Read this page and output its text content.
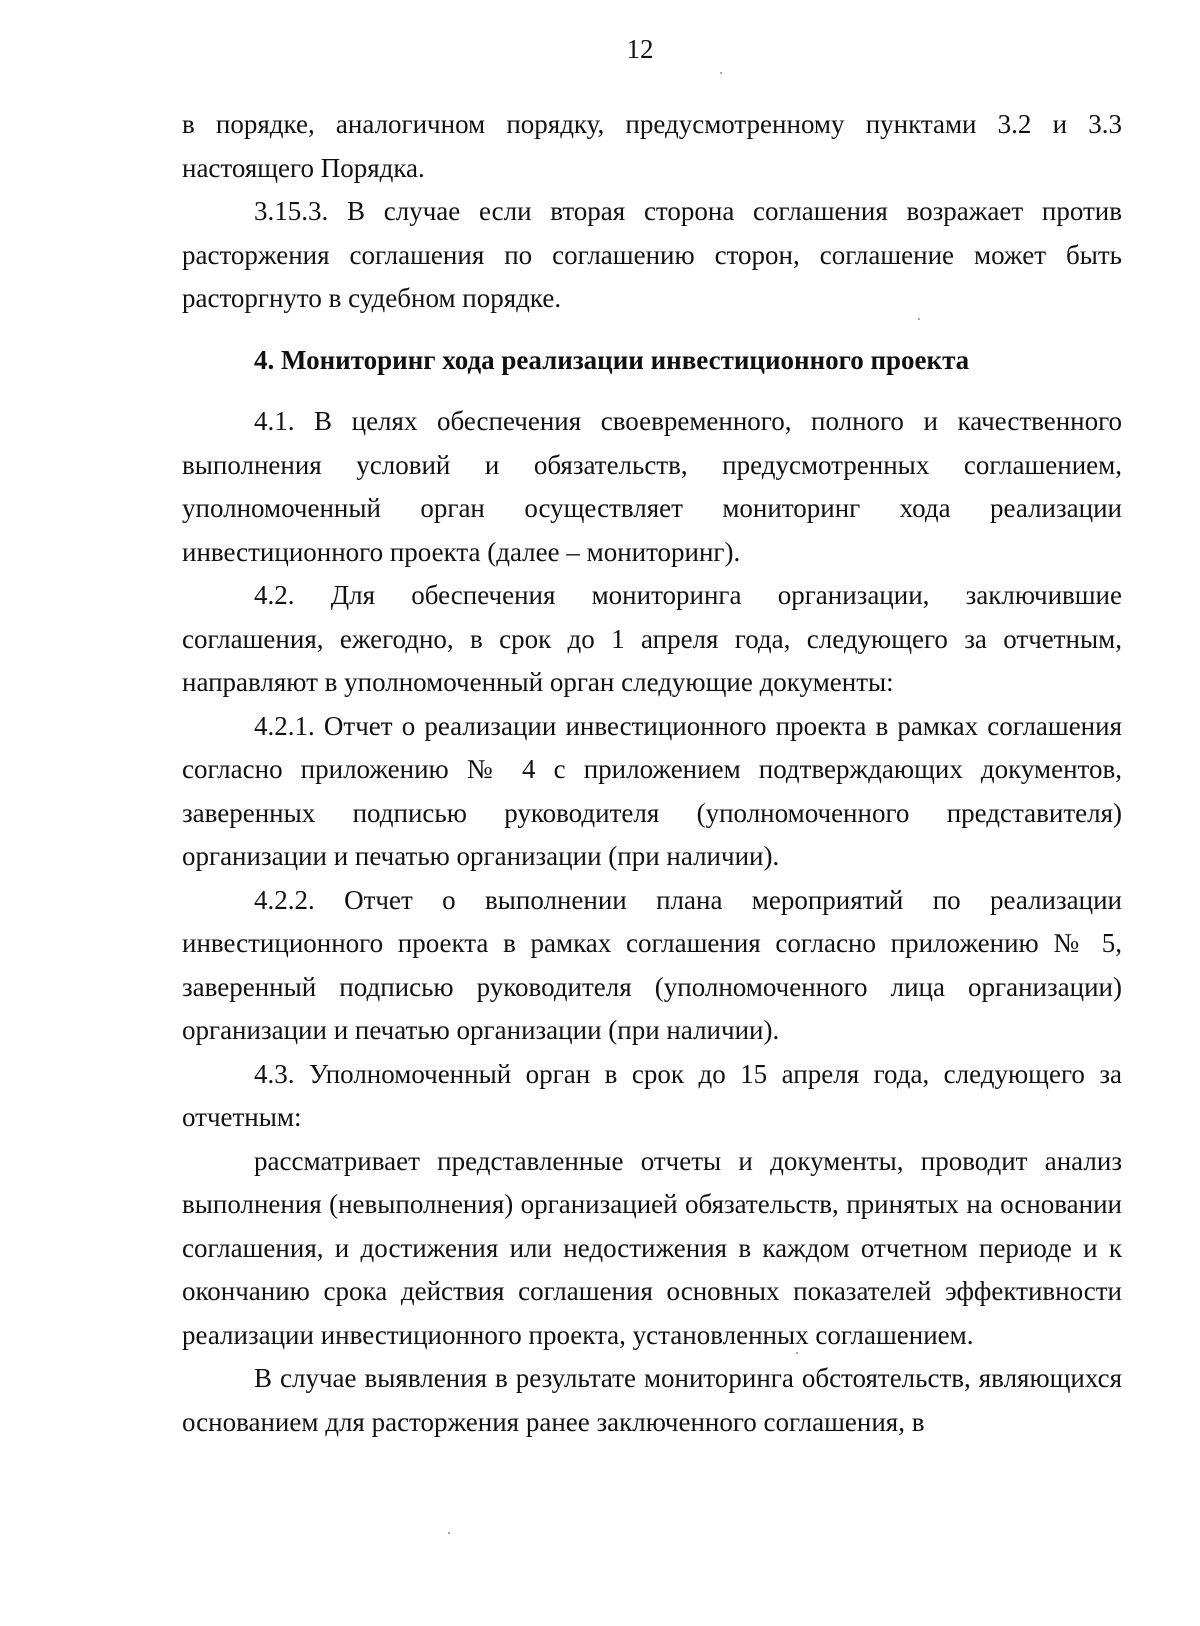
12

в порядке, аналогичном порядку, предусмотренному пунктами 3.2 и 3.3 настоящего Порядка.

3.15.3. В случае если вторая сторона соглашения возражает против расторжения соглашения по соглашению сторон, соглашение может быть расторгнуто в судебном порядке.

4. Мониторинг хода реализации инвестиционного проекта

4.1. В целях обеспечения своевременного, полного и качественного выполнения условий и обязательств, предусмотренных соглашением, уполномоченный орган осуществляет мониторинг хода реализации инвестиционного проекта (далее – мониторинг).

4.2. Для обеспечения мониторинга организации, заключившие соглашения, ежегодно, в срок до 1 апреля года, следующего за отчетным, направляют в уполномоченный орган следующие документы:

4.2.1. Отчет о реализации инвестиционного проекта в рамках соглашения согласно приложению № 4 с приложением подтверждающих документов, заверенных подписью руководителя (уполномоченного представителя) организации и печатью организации (при наличии).

4.2.2. Отчет о выполнении плана мероприятий по реализации инвестиционного проекта в рамках соглашения согласно приложению № 5, заверенный подписью руководителя (уполномоченного лица организации) организации и печатью организации (при наличии).

4.3. Уполномоченный орган в срок до 15 апреля года, следующего за отчетным:

рассматривает представленные отчеты и документы, проводит анализ выполнения (невыполнения) организацией обязательств, принятых на основании соглашения, и достижения или недостижения в каждом отчетном периоде и к окончанию срока действия соглашения основных показателей эффективности реализации инвестиционного проекта, установленных соглашением.

В случае выявления в результате мониторинга обстоятельств, являющихся основанием для расторжения ранее заключенного соглашения, в
